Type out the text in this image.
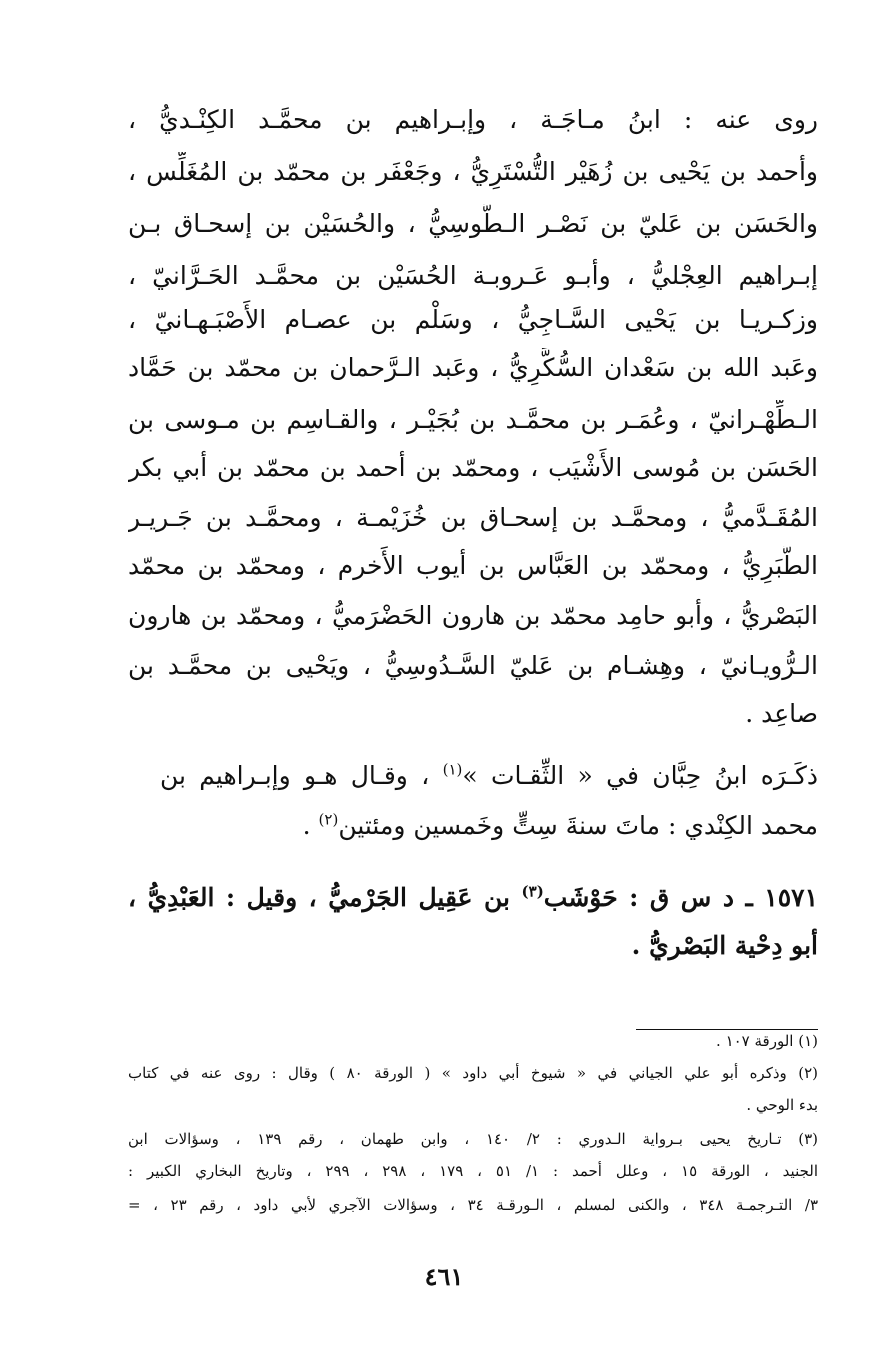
روى عنه : ابنُ مـاجَـة ، وإبـراهيم بن محمَّـد الكِنْـديُّ ،
وأحمد بن يَحْيى بن زُهَيْر التُّسْتَرِيُّ ، وجَعْفَر بن محمّد بن المُغَلِّس ،
والحَسَن بن عَليّ بن نَصْـر الـطُّوسِيُّ ، والحُسَيْن بن إسحـاق بـن
إبـراهيم العِجْليُّ ، وأبـو عَـروبـة الحُسَيْن بن محمَّـد الحَـرَّانيّ ،
وزكـريـا بن يَحْيى السَّـاجِيُّ ، وسَلْم بن عصـام الأَصْبَـهـانيّ ،
وعَبد الله بن سَعْدان السُّكَّرِيُّ ، وعَبد الـرَّحمان بن محمّد بن حَمَّاد
الـطِّهْـرانيّ ، وعُمَـر بن محمَّـد بن بُجَيْـر ، والقـاسِم بن مـوسى بن
الحَسَن بن مُوسى الأَشْيَب ، ومحمّد بن أحمد بن محمّد بن أبي بكر
المُقَـدَّميُّ ، ومحمَّـد بن إسحـاق بن خُزَيْمـة ، ومحمَّـد بن جَـريـر
الطَّبَرِيُّ ، ومحمّد بن العَبَّاس بن أيوب الأَخرم ، ومحمّد بن محمّد
البَصْريُّ ، وأبو حامِد محمّد بن هارون الحَضْرَميُّ ، ومحمّد بن هارون
الـرُّويـانيّ ، وهِشـام بن عَليّ السَّـدُوسِيُّ ، ويَحْيى بن محمَّـد بن
صاعِد .
ذكَـرَه ابنُ حِبَّان في « الثِّقـات »$^{(١)}$ ، وقـال هـو وإبـراهيم بن
محمد الكِنْدي : ماتَ سنةَ سِتٍّ وخَمسين ومئتين$^{(٢)}$ .
١٥٧١ ـ د س ق : حَوْشَب$^{(٣)}$ بن عَقِيل الجَرْميُّ ، وقيل : العَبْدِيُّ ،
أبو دِحْية البَصْريُّ .
(١) الورقة ١٠٧ .
(٢) وذكره أبو علي الجياني في « شيوخ أبي داود » ( الورقة ٨٠ ) وقال : روى عنه في كتاب
بدء الوحي .
(٣) تـاريخ يحيى بـرواية الـدوري : ٢/ ١٤٠ ، وابن طهمان ، رقم ١٣٩ ، وسؤالات ابن
الجنيد ، الورقة ١٥ ، وعلل أحمد : ١/ ٥١ ، ١٧٩ ، ٢٩٨ ، ٢٩٩ ، وتاريخ البخاري الكبير :
٣/ التـرجمـة ٣٤٨ ، والكنى لمسلم ، الـورقـة ٣٤ ، وسؤالات الآجري لأبي داود ، رقم ٢٣ ، =
٤٦١
